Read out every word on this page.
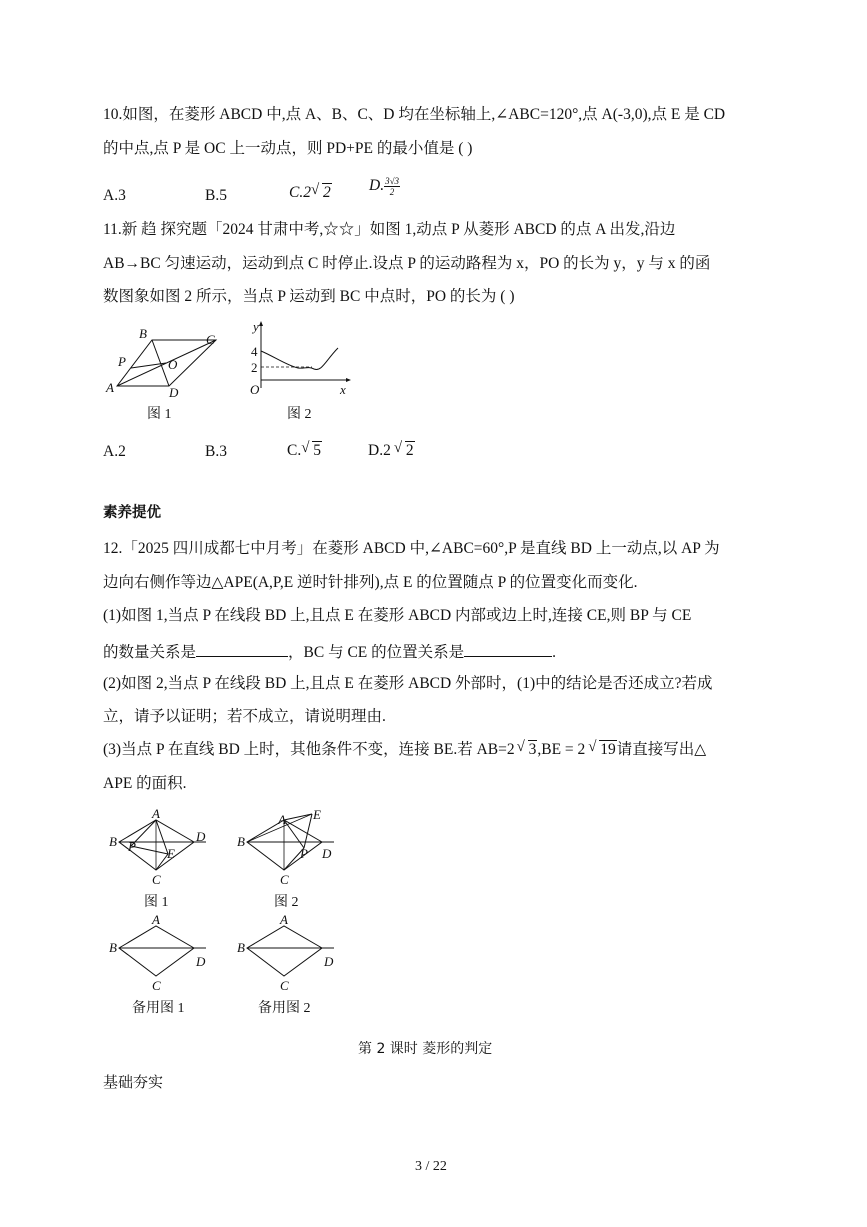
10.如图，在菱形 ABCD 中,点 A、B、C、D 均在坐标轴上,∠ABC=120°,点 A(-3,0),点 E 是 CD
的中点,点 P 是 OC 上一动点，则 PD+PE 的最小值是 ( )
A.3	B.5	C.2 √ 2 D. $\frac{3√3}{2}$
11.新 趋 探究题「2024 甘肃中考,☆☆」如图 1,动点 P 从菱形 ABCD 的点 A 出发,沿边
AB→BC 匀速运动，运动到点 C 时停止.设点 P 的运动路程为 x，PO 的长为 y，y 与 x 的函
数图象如图 2 所示，当点 P 运动到 BC 中点时，PO 的长为 ( )
A
B	C
D
O
P
图 1
y
x
O
4
2
图 2
A.2	B.3	C. √ 5	D.2 √ 2
素养提优
12.「2025 四川成都七中月考」在菱形 ABCD 中,∠ABC=60°,P 是直线 BD 上一动点,以 AP 为
边向右侧作等边△APE(A,P,E 逆时针排列),点 E 的位置随点 P 的位置变化而变化.
(1)如图 1,当点 P 在线段 BD 上,且点 E 在菱形 ABCD 内部或边上时,连接 CE,则 BP 与 CE
的数量关系是	，BC 与 CE 的位置关系是	.
(2)如图 2,当点 P 在线段 BD 上,且点 E 在菱形 ABCD 外部时，(1)中的结论是否还成立?若成
立，请予以证明；若不成立，请说明理由.
(3)当点 P 在直线 BD 上时，其他条件不变，连接 BE.若 AB=2 √ 3,BE = 2 √ 19请直接写出△
APE 的面积.
A
B	D
C
P E
图 1
A
B
D
C
P
E
图 2
A
B
D
C
备用图 1
A
B
D
C
备用图 2
第 2 课时 菱形的判定
基础夯实
3 / 22
